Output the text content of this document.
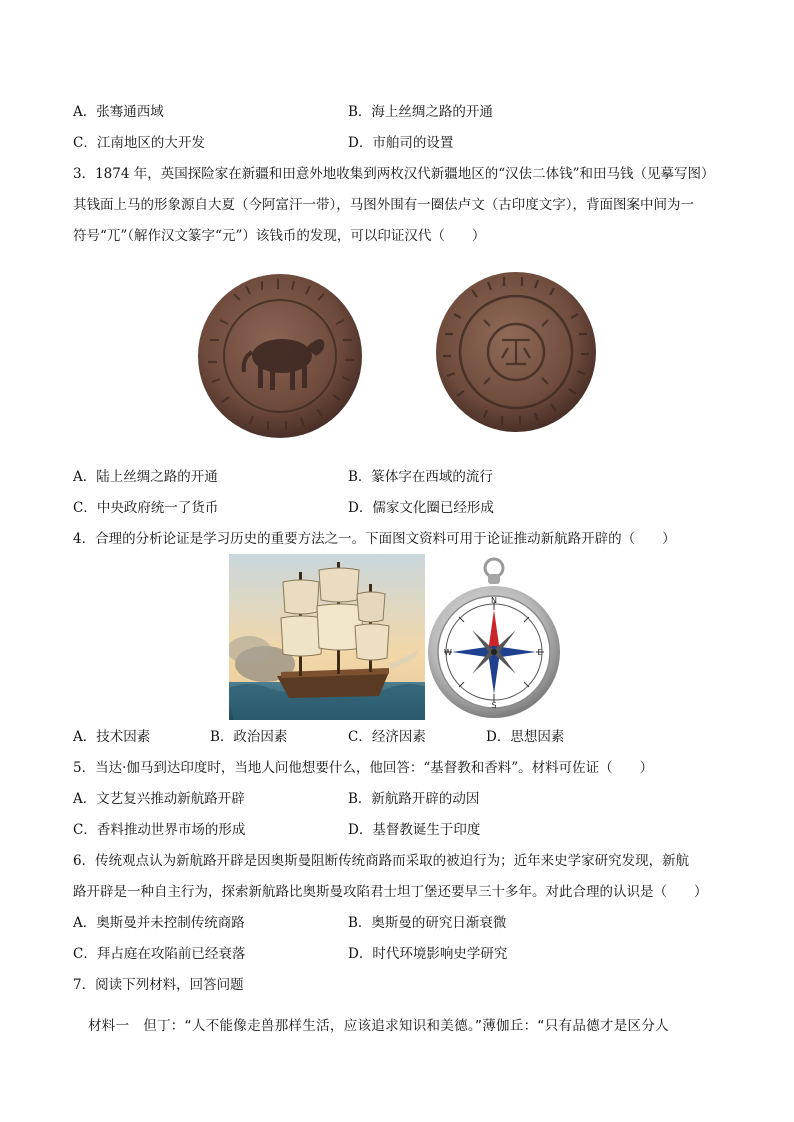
A．张骞通西域	B．海上丝绸之路的开通
C．江南地区的大开发	D．市舶司的设置
3．1874 年，英国探险家在新疆和田意外地收集到两枚汉代新疆地区的“汉佉二体钱”和田马钱（见摹写图）
其钱面上马的形象源自大夏（今阿富汗一带），马图外围有一圈佉卢文（古印度文字），背面图案中间为一
符号“兀”（解作汉文篆字“元”）该钱币的发现，可以印证汉代（　　）
A．陆上丝绸之路的开通	B．篆体字在西域的流行
C．中央政府统一了货币	D．儒家文化圈已经形成
4．合理的分析论证是学习历史的重要方法之一。下面图文资料可用于论证推动新航路开辟的（　　）
N
S
E
W
A．技术因素	B．政治因素	C．经济因素	D．思想因素
5．当达·伽马到达印度时，当地人问他想要什么，他回答：“基督教和香料”。材料可佐证（　　）
A．文艺复兴推动新航路开辟	B．新航路开辟的动因
C．香料推动世界市场的形成	D．基督教诞生于印度
6．传统观点认为新航路开辟是因奥斯曼阻断传统商路而采取的被迫行为；近年来史学家研究发现，新航
路开辟是一种自主行为，探索新航路比奥斯曼攻陷君士坦丁堡还要早三十多年。对此合理的认识是（　　）
A．奥斯曼并未控制传统商路	B．奥斯曼的研究日渐衰微
C．拜占庭在攻陷前已经衰落	D．时代环境影响史学研究
7．阅读下列材料，回答问题
材料一　但丁：“人不能像走兽那样生活，应该追求知识和美德。”薄伽丘：“只有品德才是区分人
